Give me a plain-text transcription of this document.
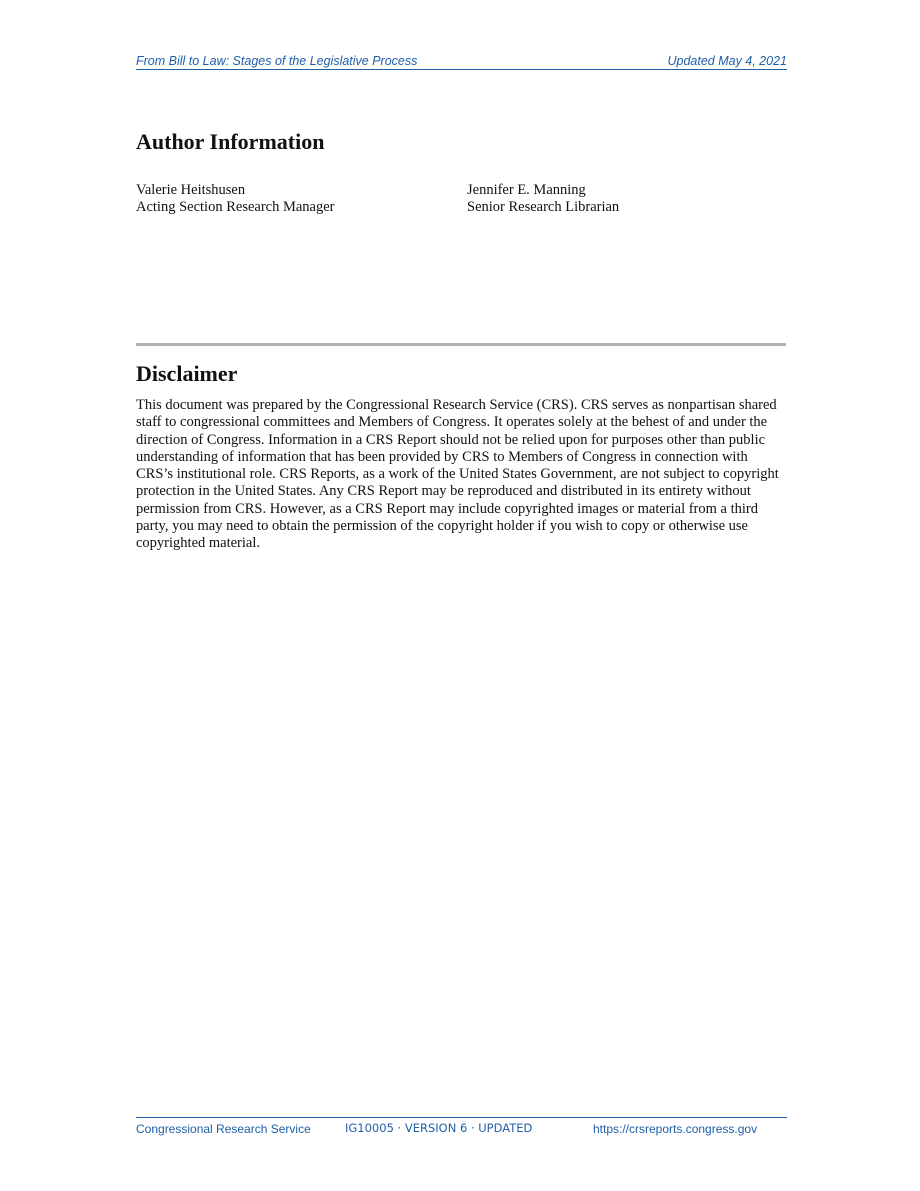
From Bill to Law: Stages of the Legislative Process	Updated May 4, 2021
Author Information
Valerie Heitshusen
Acting Section Research Manager
Jennifer E. Manning
Senior Research Librarian
Disclaimer

This document was prepared by the Congressional Research Service (CRS). CRS serves as nonpartisan shared staff to congressional committees and Members of Congress. It operates solely at the behest of and under the direction of Congress. Information in a CRS Report should not be relied upon for purposes other than public understanding of information that has been provided by CRS to Members of Congress in connection with CRS’s institutional role. CRS Reports, as a work of the United States Government, are not subject to copyright protection in the United States. Any CRS Report may be reproduced and distributed in its entirety without permission from CRS. However, as a CRS Report may include copyrighted images or material from a third party, you may need to obtain the permission of the copyright holder if you wish to copy or otherwise use copyrighted material.

Congressional Research Service	IG10005 · VERSION 6 · UPDATED	https://crsreports.congress.gov
